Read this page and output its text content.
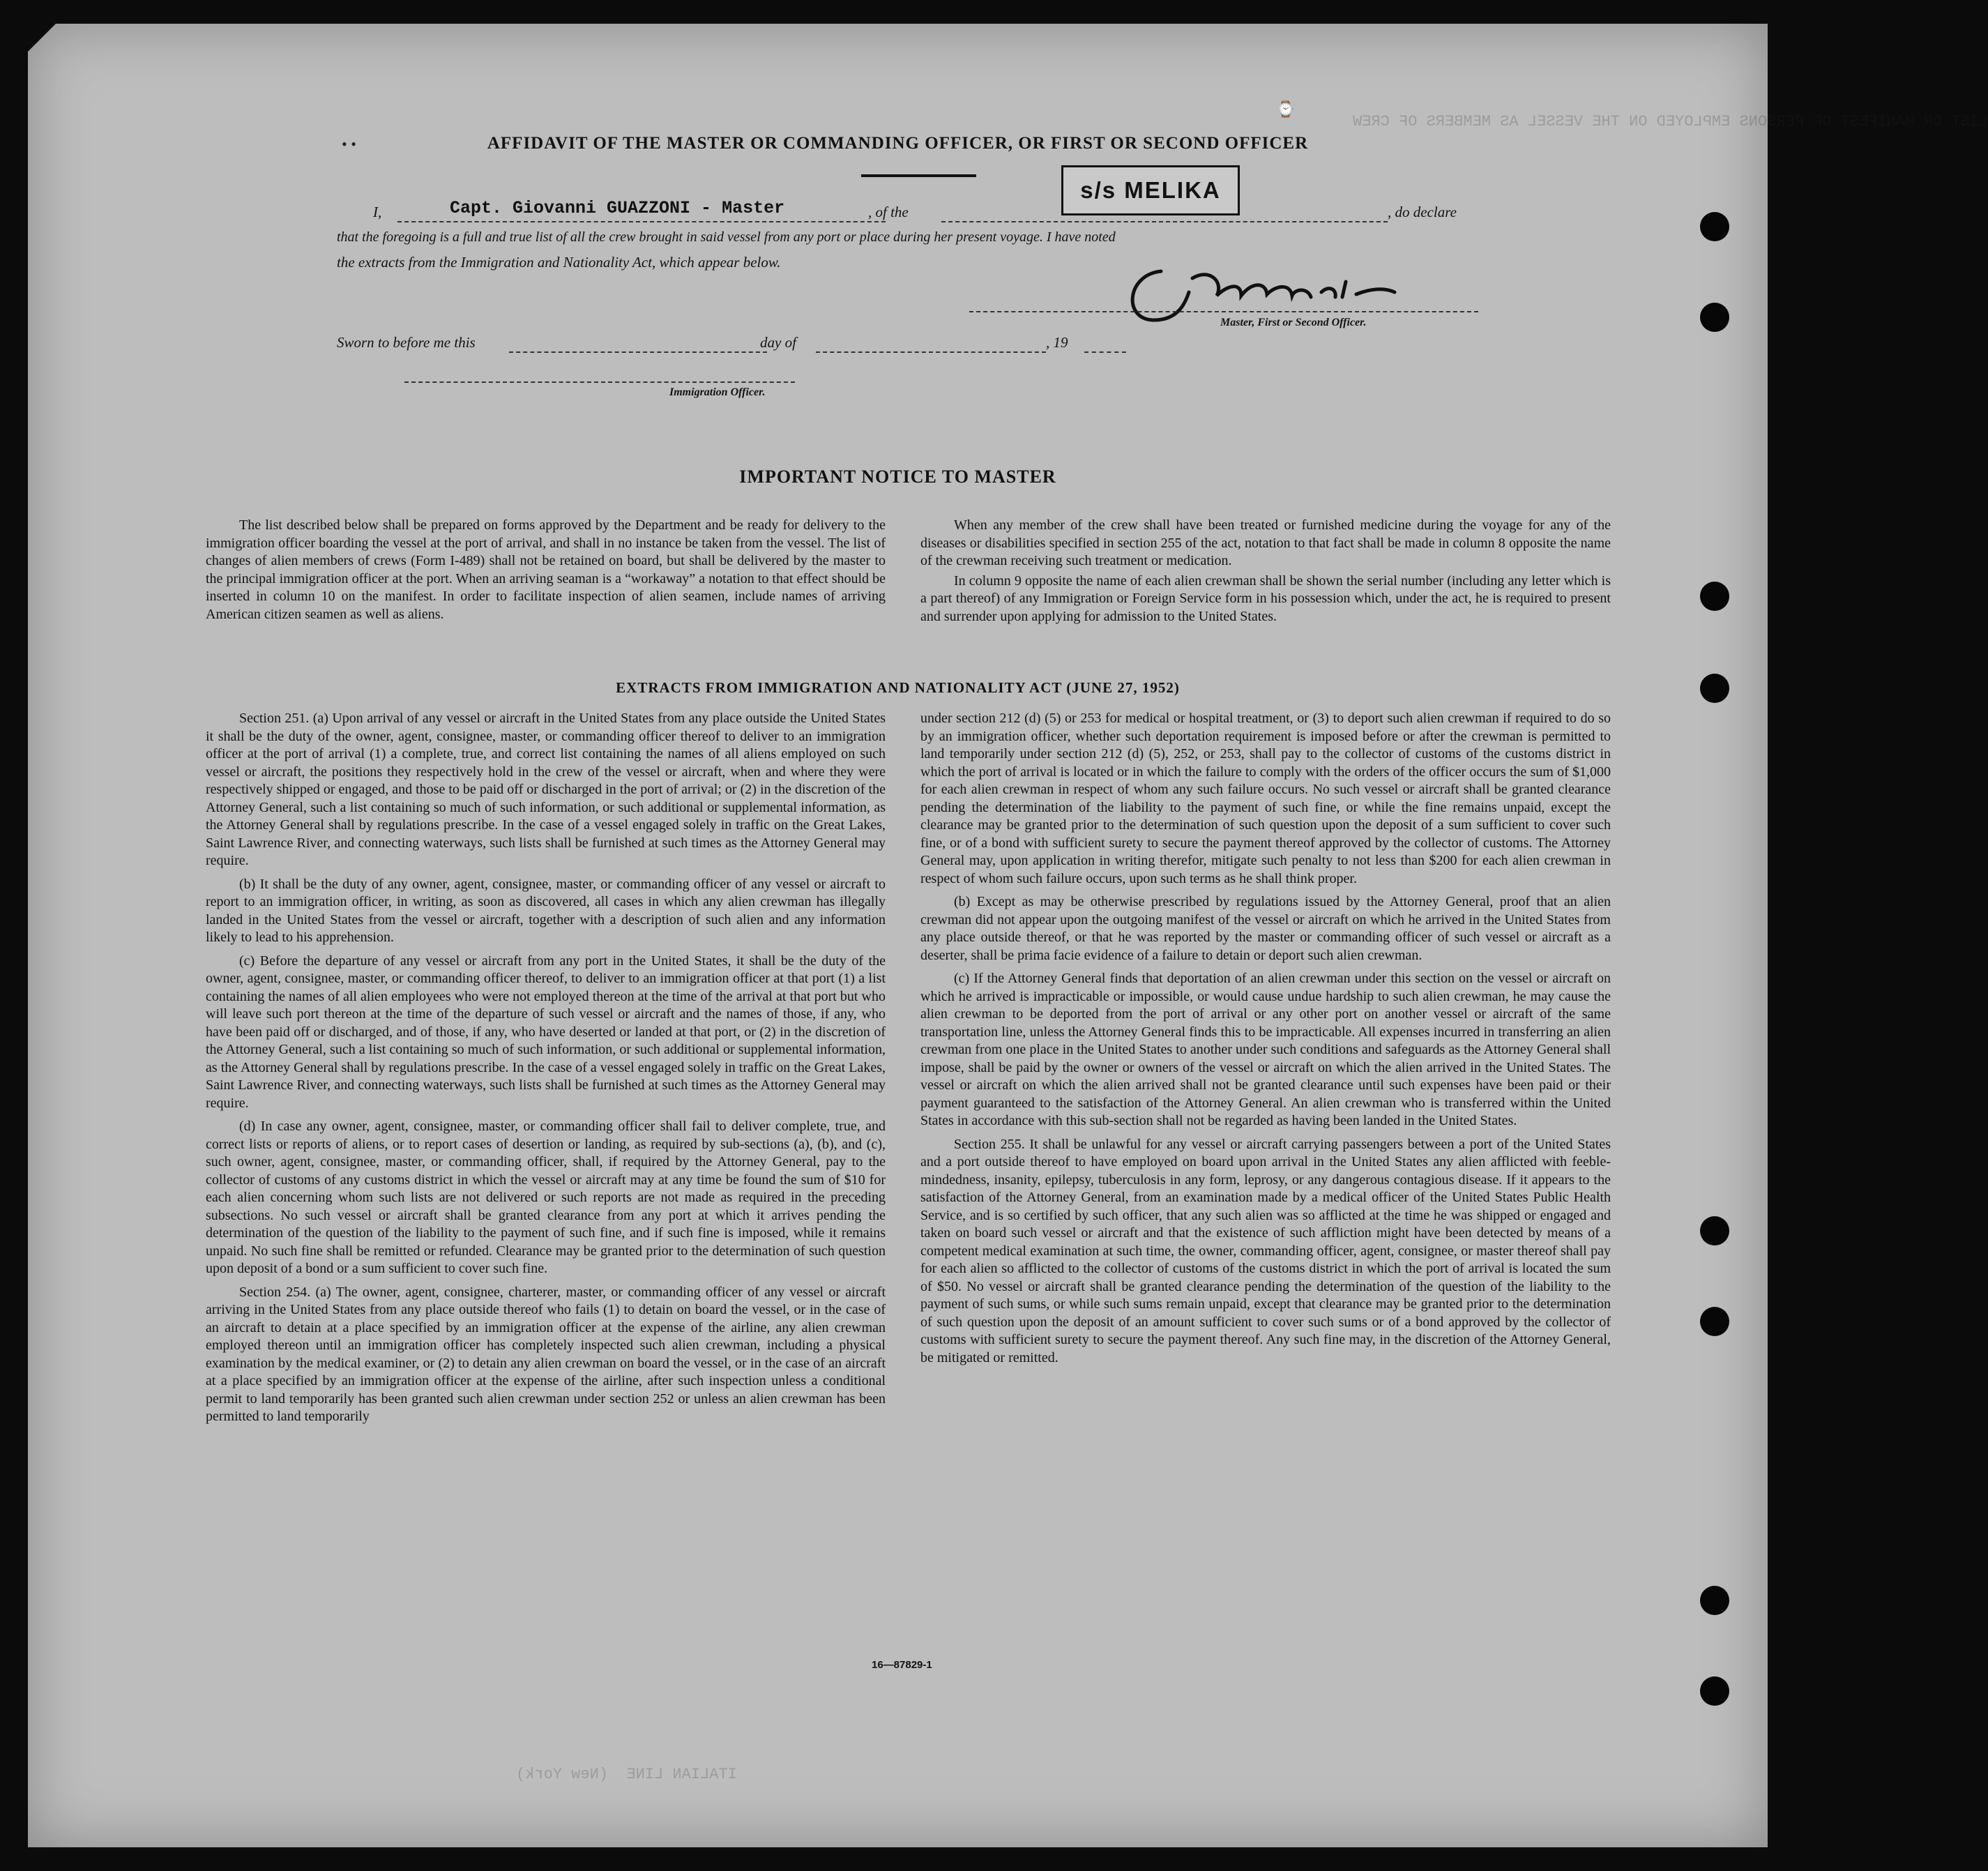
LIST OR MANIFEST OF PERSONS EMPLOYED ON THE VESSEL AS MEMBERS OF CREW
ITALIAN LINE  (New York)
• •
⌚
AFFIDAVIT OF THE MASTER OR COMMANDING OFFICER, OR FIRST OR SECOND OFFICER
s/s MELIKA
I,	Capt. Giovanni GUAZZONI - Master	, of the	, do declare
that the foregoing is a full and true list of all the crew brought in said vessel from any port or place during her present voyage. I have noted
the extracts from the Immigration and Nationality Act, which appear below.
Master, First or Second Officer.
Sworn to before me this	day of	, 19
Immigration Officer.
IMPORTANT NOTICE TO MASTER

The list described below shall be prepared on forms approved by the Department and be ready for delivery to the immigration officer boarding the vessel at the port of arrival, and shall in no instance be taken from the vessel. The list of changes of alien members of crews (Form I-489) shall not be retained on board, but shall be delivered by the master to the principal immigration officer at the port. When an arriving seaman is a “workaway” a notation to that effect should be inserted in column 10 on the manifest. In order to facilitate inspection of alien seamen, include names of arriving American citizen seamen as well as aliens.

When any member of the crew shall have been treated or furnished medicine during the voyage for any of the diseases or disabilities specified in section 255 of the act, notation to that fact shall be made in column 8 opposite the name of the crewman receiving such treatment or medication.

In column 9 opposite the name of each alien crewman shall be shown the serial number (including any letter which is a part thereof) of any Immigration or Foreign Service form in his possession which, under the act, he is required to present and surrender upon applying for admission to the United States.

EXTRACTS FROM IMMIGRATION AND NATIONALITY ACT (JUNE 27, 1952)

Section 251. (a) Upon arrival of any vessel or aircraft in the United States from any place outside the United States it shall be the duty of the owner, agent, consignee, master, or commanding officer thereof to deliver to an immigration officer at the port of arrival (1) a complete, true, and correct list containing the names of all aliens employed on such vessel or aircraft, the positions they respectively hold in the crew of the vessel or aircraft, when and where they were respectively shipped or engaged, and those to be paid off or discharged in the port of arrival; or (2) in the discretion of the Attorney General, such a list containing so much of such information, or such additional or supplemental information, as the Attorney General shall by regulations prescribe. In the case of a vessel engaged solely in traffic on the Great Lakes, Saint Lawrence River, and connecting waterways, such lists shall be furnished at such times as the Attorney General may require.

(b) It shall be the duty of any owner, agent, consignee, master, or commanding officer of any vessel or aircraft to report to an immigration officer, in writing, as soon as discovered, all cases in which any alien crewman has illegally landed in the United States from the vessel or aircraft, together with a description of such alien and any information likely to lead to his apprehension.

(c) Before the departure of any vessel or aircraft from any port in the United States, it shall be the duty of the owner, agent, consignee, master, or commanding officer thereof, to deliver to an immigration officer at that port (1) a list containing the names of all alien employees who were not employed thereon at the time of the arrival at that port but who will leave such port thereon at the time of the departure of such vessel or aircraft and the names of those, if any, who have been paid off or discharged, and of those, if any, who have deserted or landed at that port, or (2) in the discretion of the Attorney General, such a list containing so much of such information, or such additional or supplemental information, as the Attorney General shall by regulations prescribe. In the case of a vessel engaged solely in traffic on the Great Lakes, Saint Lawrence River, and connecting waterways, such lists shall be furnished at such times as the Attorney General may require.

(d) In case any owner, agent, consignee, master, or commanding officer shall fail to deliver complete, true, and correct lists or reports of aliens, or to report cases of desertion or landing, as required by sub-sections (a), (b), and (c), such owner, agent, consignee, master, or commanding officer, shall, if required by the Attorney General, pay to the collector of customs of any customs district in which the vessel or aircraft may at any time be found the sum of $10 for each alien concerning whom such lists are not delivered or such reports are not made as required in the preceding subsections. No such vessel or aircraft shall be granted clearance from any port at which it arrives pending the determination of the question of the liability to the payment of such fine, and if such fine is imposed, while it remains unpaid. No such fine shall be remitted or refunded. Clearance may be granted prior to the determination of such question upon deposit of a bond or a sum sufficient to cover such fine.

Section 254. (a) The owner, agent, consignee, charterer, master, or commanding officer of any vessel or aircraft arriving in the United States from any place outside thereof who fails (1) to detain on board the vessel, or in the case of an aircraft to detain at a place specified by an immigration officer at the expense of the airline, any alien crewman employed thereon until an immigration officer has completely inspected such alien crewman, including a physical examination by the medical examiner, or (2) to detain any alien crewman on board the vessel, or in the case of an aircraft at a place specified by an immigration officer at the expense of the airline, after such inspection unless a conditional permit to land temporarily has been granted such alien crewman under section 252 or unless an alien crewman has been permitted to land temporarily

under section 212 (d) (5) or 253 for medical or hospital treatment, or (3) to deport such alien crewman if required to do so by an immigration officer, whether such deportation requirement is imposed before or after the crewman is permitted to land temporarily under section 212 (d) (5), 252, or 253, shall pay to the collector of customs of the customs district in which the port of arrival is located or in which the failure to comply with the orders of the officer occurs the sum of $1,000 for each alien crewman in respect of whom any such failure occurs. No such vessel or aircraft shall be granted clearance pending the determination of the liability to the payment of such fine, or while the fine remains unpaid, except the clearance may be granted prior to the determination of such question upon the deposit of a sum sufficient to cover such fine, or of a bond with sufficient surety to secure the payment thereof approved by the collector of customs. The Attorney General may, upon application in writing therefor, mitigate such penalty to not less than $200 for each alien crewman in respect of whom such failure occurs, upon such terms as he shall think proper.

(b) Except as may be otherwise prescribed by regulations issued by the Attorney General, proof that an alien crewman did not appear upon the outgoing manifest of the vessel or aircraft on which he arrived in the United States from any place outside thereof, or that he was reported by the master or commanding officer of such vessel or aircraft as a deserter, shall be prima facie evidence of a failure to detain or deport such alien crewman.

(c) If the Attorney General finds that deportation of an alien crewman under this section on the vessel or aircraft on which he arrived is impracticable or impossible, or would cause undue hardship to such alien crewman, he may cause the alien crewman to be deported from the port of arrival or any other port on another vessel or aircraft of the same transportation line, unless the Attorney General finds this to be impracticable. All expenses incurred in transferring an alien crewman from one place in the United States to another under such conditions and safeguards as the Attorney General shall impose, shall be paid by the owner or owners of the vessel or aircraft on which the alien arrived in the United States. The vessel or aircraft on which the alien arrived shall not be granted clearance until such expenses have been paid or their payment guaranteed to the satisfaction of the Attorney General. An alien crewman who is transferred within the United States in accordance with this sub-section shall not be regarded as having been landed in the United States.

Section 255. It shall be unlawful for any vessel or aircraft carrying passengers between a port of the United States and a port outside thereof to have employed on board upon arrival in the United States any alien afflicted with feeble-mindedness, insanity, epilepsy, tuberculosis in any form, leprosy, or any dangerous contagious disease. If it appears to the satisfaction of the Attorney General, from an examination made by a medical officer of the United States Public Health Service, and is so certified by such officer, that any such alien was so afflicted at the time he was shipped or engaged and taken on board such vessel or aircraft and that the existence of such affliction might have been detected by means of a competent medical examination at such time, the owner, commanding officer, agent, consignee, or master thereof shall pay for each alien so afflicted to the collector of customs of the customs district in which the port of arrival is located the sum of $50. No vessel or aircraft shall be granted clearance pending the determination of the question of the liability to the payment of such sums, or while such sums remain unpaid, except that clearance may be granted prior to the determination of such question upon the deposit of an amount sufficient to cover such sums or of a bond approved by the collector of customs with sufficient surety to secure the payment thereof. Any such fine may, in the discretion of the Attorney General, be mitigated or remitted.

16—87829-1
